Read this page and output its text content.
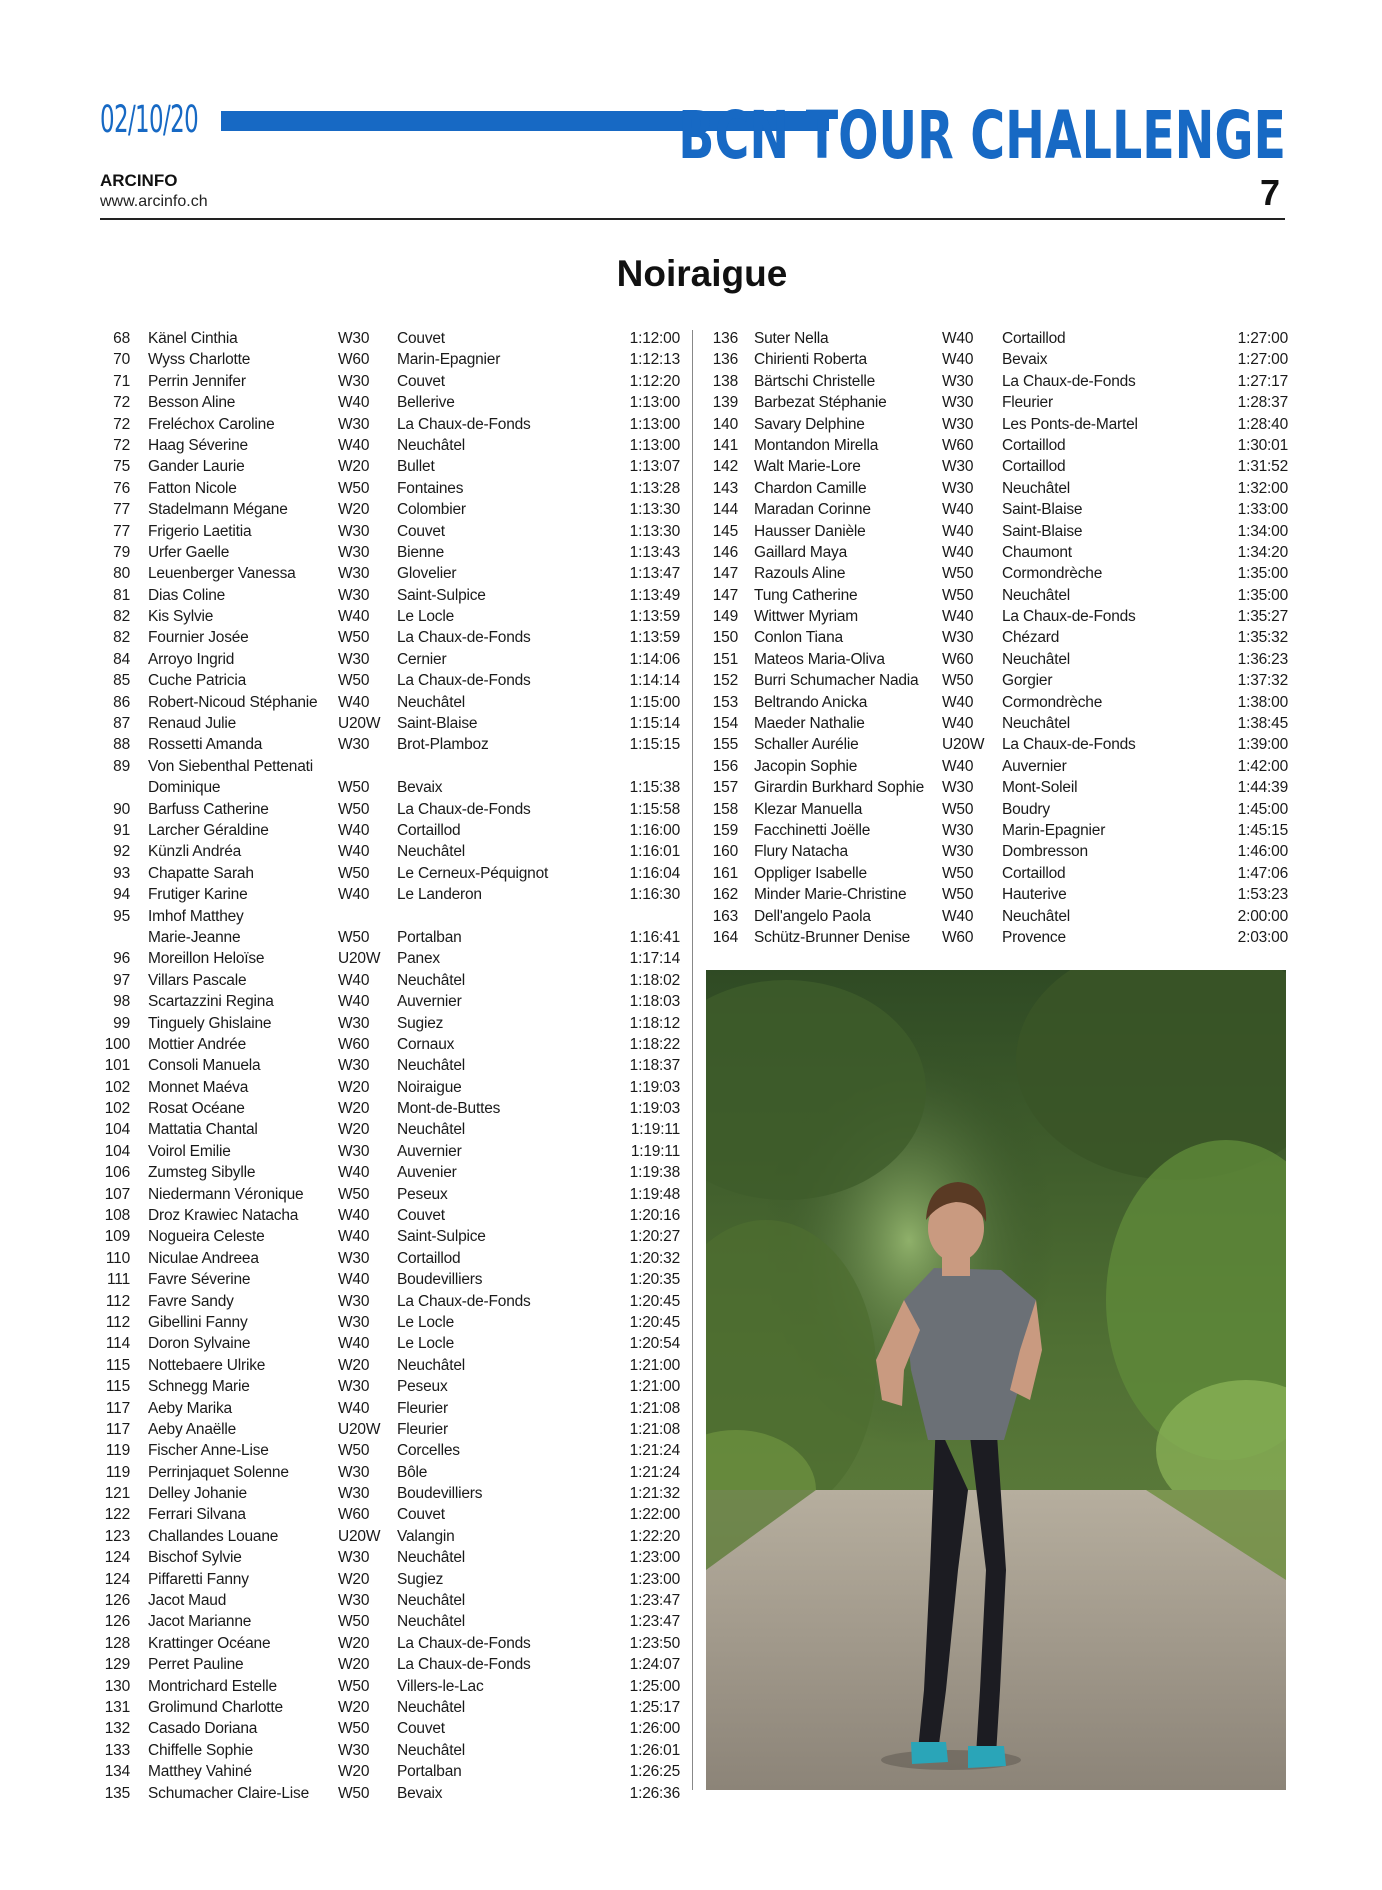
02/10/20	BCN TOUR CHALLENGE
ARCINFO
www.arcinfo.ch	7
Noiraigue
68 Känel Cinthia	W30 Couvet	1:12:00
70 Wyss Charlotte	W60 Marin-Epagnier	1:12:13
71 Perrin Jennifer	W30 Couvet	1:12:20
72 Besson Aline	W40 Bellerive	1:13:00
72 Freléchox Caroline	W30 La Chaux-de-Fonds	1:13:00
72 Haag Séverine	W40 Neuchâtel	1:13:00
75 Gander Laurie	W20 Bullet	1:13:07
76 Fatton Nicole	W50 Fontaines	1:13:28
77 Stadelmann Mégane	W20 Colombier	1:13:30
77 Frigerio Laetitia	W30 Couvet	1:13:30
79 Urfer Gaelle	W30 Bienne	1:13:43
80 Leuenberger Vanessa	W30 Glovelier	1:13:47
81 Dias Coline	W30 Saint-Sulpice	1:13:49
82 Kis Sylvie	W40 Le Locle	1:13:59
82 Fournier Josée	W50 La Chaux-de-Fonds	1:13:59
84 Arroyo Ingrid	W30 Cernier	1:14:06
85 Cuche Patricia	W50 La Chaux-de-Fonds	1:14:14
86 Robert-Nicoud Stéphanie W40 Neuchâtel	1:15:00
87 Renaud Julie	U20W Saint-Blaise	1:15:14
88 Rossetti Amanda	W30 Brot-Plamboz	1:15:15
89 Von Siebenthal Pettenati
Dominique	W50 Bevaix	1:15:38
90 Barfuss Catherine	W50 La Chaux-de-Fonds	1:15:58
91 Larcher Géraldine	W40 Cortaillod	1:16:00
92 Künzli Andréa	W40 Neuchâtel	1:16:01
93 Chapatte Sarah	W50 Le Cerneux-Péquignot	1:16:04
94 Frutiger Karine	W40 Le Landeron	1:16:30
95 Imhof Matthey
Marie-Jeanne	W50 Portalban	1:16:41
96 Moreillon Heloïse	U20W Panex	1:17:14
97 Villars Pascale	W40 Neuchâtel	1:18:02
98 Scartazzini Regina	W40 Auvernier	1:18:03
99 Tinguely Ghislaine	W30 Sugiez	1:18:12
100 Mottier Andrée	W60 Cornaux	1:18:22
101 Consoli Manuela	W30 Neuchâtel	1:18:37
102 Monnet Maéva	W20 Noiraigue	1:19:03
102 Rosat Océane	W20 Mont-de-Buttes	1:19:03
104 Mattatia Chantal	W20 Neuchâtel	1:19:11
104 Voirol Emilie	W30 Auvernier	1:19:11
106 Zumsteg Sibylle	W40 Auvenier	1:19:38
107 Niedermann Véronique W50 Peseux	1:19:48
108 Droz Krawiec Natacha	W40 Couvet	1:20:16
109 Nogueira Celeste	W40 Saint-Sulpice	1:20:27
110 Niculae Andreea	W30 Cortaillod	1:20:32
111 Favre Séverine	W40 Boudevilliers	1:20:35
112 Favre Sandy	W30 La Chaux-de-Fonds	1:20:45
112 Gibellini Fanny	W30 Le Locle	1:20:45
114 Doron Sylvaine	W40 Le Locle	1:20:54
115 Nottebaere Ulrike	W20 Neuchâtel	1:21:00
115 Schnegg Marie	W30 Peseux	1:21:00
117 Aeby Marika	W40 Fleurier	1:21:08
117 Aeby Anaëlle	U20W Fleurier	1:21:08
119 Fischer Anne-Lise	W50 Corcelles	1:21:24
119 Perrinjaquet Solenne	W30 Bôle	1:21:24
121 Delley Johanie	W30 Boudevilliers	1:21:32
122 Ferrari Silvana	W60 Couvet	1:22:00
123 Challandes Louane	U20W Valangin	1:22:20
124 Bischof Sylvie	W30 Neuchâtel	1:23:00
124 Piffaretti Fanny	W20 Sugiez	1:23:00
126 Jacot Maud	W30 Neuchâtel	1:23:47
126 Jacot Marianne	W50 Neuchâtel	1:23:47
128 Krattinger Océane	W20 La Chaux-de-Fonds	1:23:50
129 Perret Pauline	W20 La Chaux-de-Fonds	1:24:07
130 Montrichard Estelle	W50 Villers-le-Lac	1:25:00
131 Grolimund Charlotte	W20 Neuchâtel	1:25:17
132 Casado Doriana	W50 Couvet	1:26:00
133 Chiffelle Sophie	W30 Neuchâtel	1:26:01
134 Matthey Vahiné	W20 Portalban	1:26:25
135 Schumacher Claire-Lise W50 Bevaix	1:26:36
136 Suter Nella	W40 Cortaillod	1:27:00
136 Chirienti Roberta	W40 Bevaix	1:27:00
138 Bärtschi Christelle	W30 La Chaux-de-Fonds	1:27:17
139 Barbezat Stéphanie	W30 Fleurier	1:28:37
140 Savary Delphine	W30 Les Ponts-de-Martel	1:28:40
141 Montandon Mirella	W60 Cortaillod	1:30:01
142 Walt Marie-Lore	W30 Cortaillod	1:31:52
143 Chardon Camille	W30 Neuchâtel	1:32:00
144 Maradan Corinne	W40 Saint-Blaise	1:33:00
145 Hausser Danièle	W40 Saint-Blaise	1:34:00
146 Gaillard Maya	W40 Chaumont	1:34:20
147 Razouls Aline	W50 Cormondrèche	1:35:00
147 Tung Catherine	W50 Neuchâtel	1:35:00
149 Wittwer Myriam	W40 La Chaux-de-Fonds	1:35:27
150 Conlon Tiana	W30 Chézard	1:35:32
151 Mateos Maria-Oliva	W60 Neuchâtel	1:36:23
152 Burri Schumacher Nadia W50 Gorgier	1:37:32
153 Beltrando Anicka	W40 Cormondrèche	1:38:00
154 Maeder Nathalie	W40 Neuchâtel	1:38:45
155 Schaller Aurélie	U20W La Chaux-de-Fonds	1:39:00
156 Jacopin Sophie	W40 Auvernier	1:42:00
157 Girardin Burkhard Sophie W30 Mont-Soleil	1:44:39
158 Klezar Manuella	W50 Boudry	1:45:00
159 Facchinetti Joëlle	W30 Marin-Epagnier	1:45:15
160 Flury Natacha	W30 Dombresson	1:46:00
161 Oppliger Isabelle	W50 Cortaillod	1:47:06
162 Minder Marie-Christine W50 Hauterive	1:53:23
163 Dell'angelo Paola	W40 Neuchâtel	2:00:00
164 Schütz-Brunner Denise W60 Provence	2:03:00
